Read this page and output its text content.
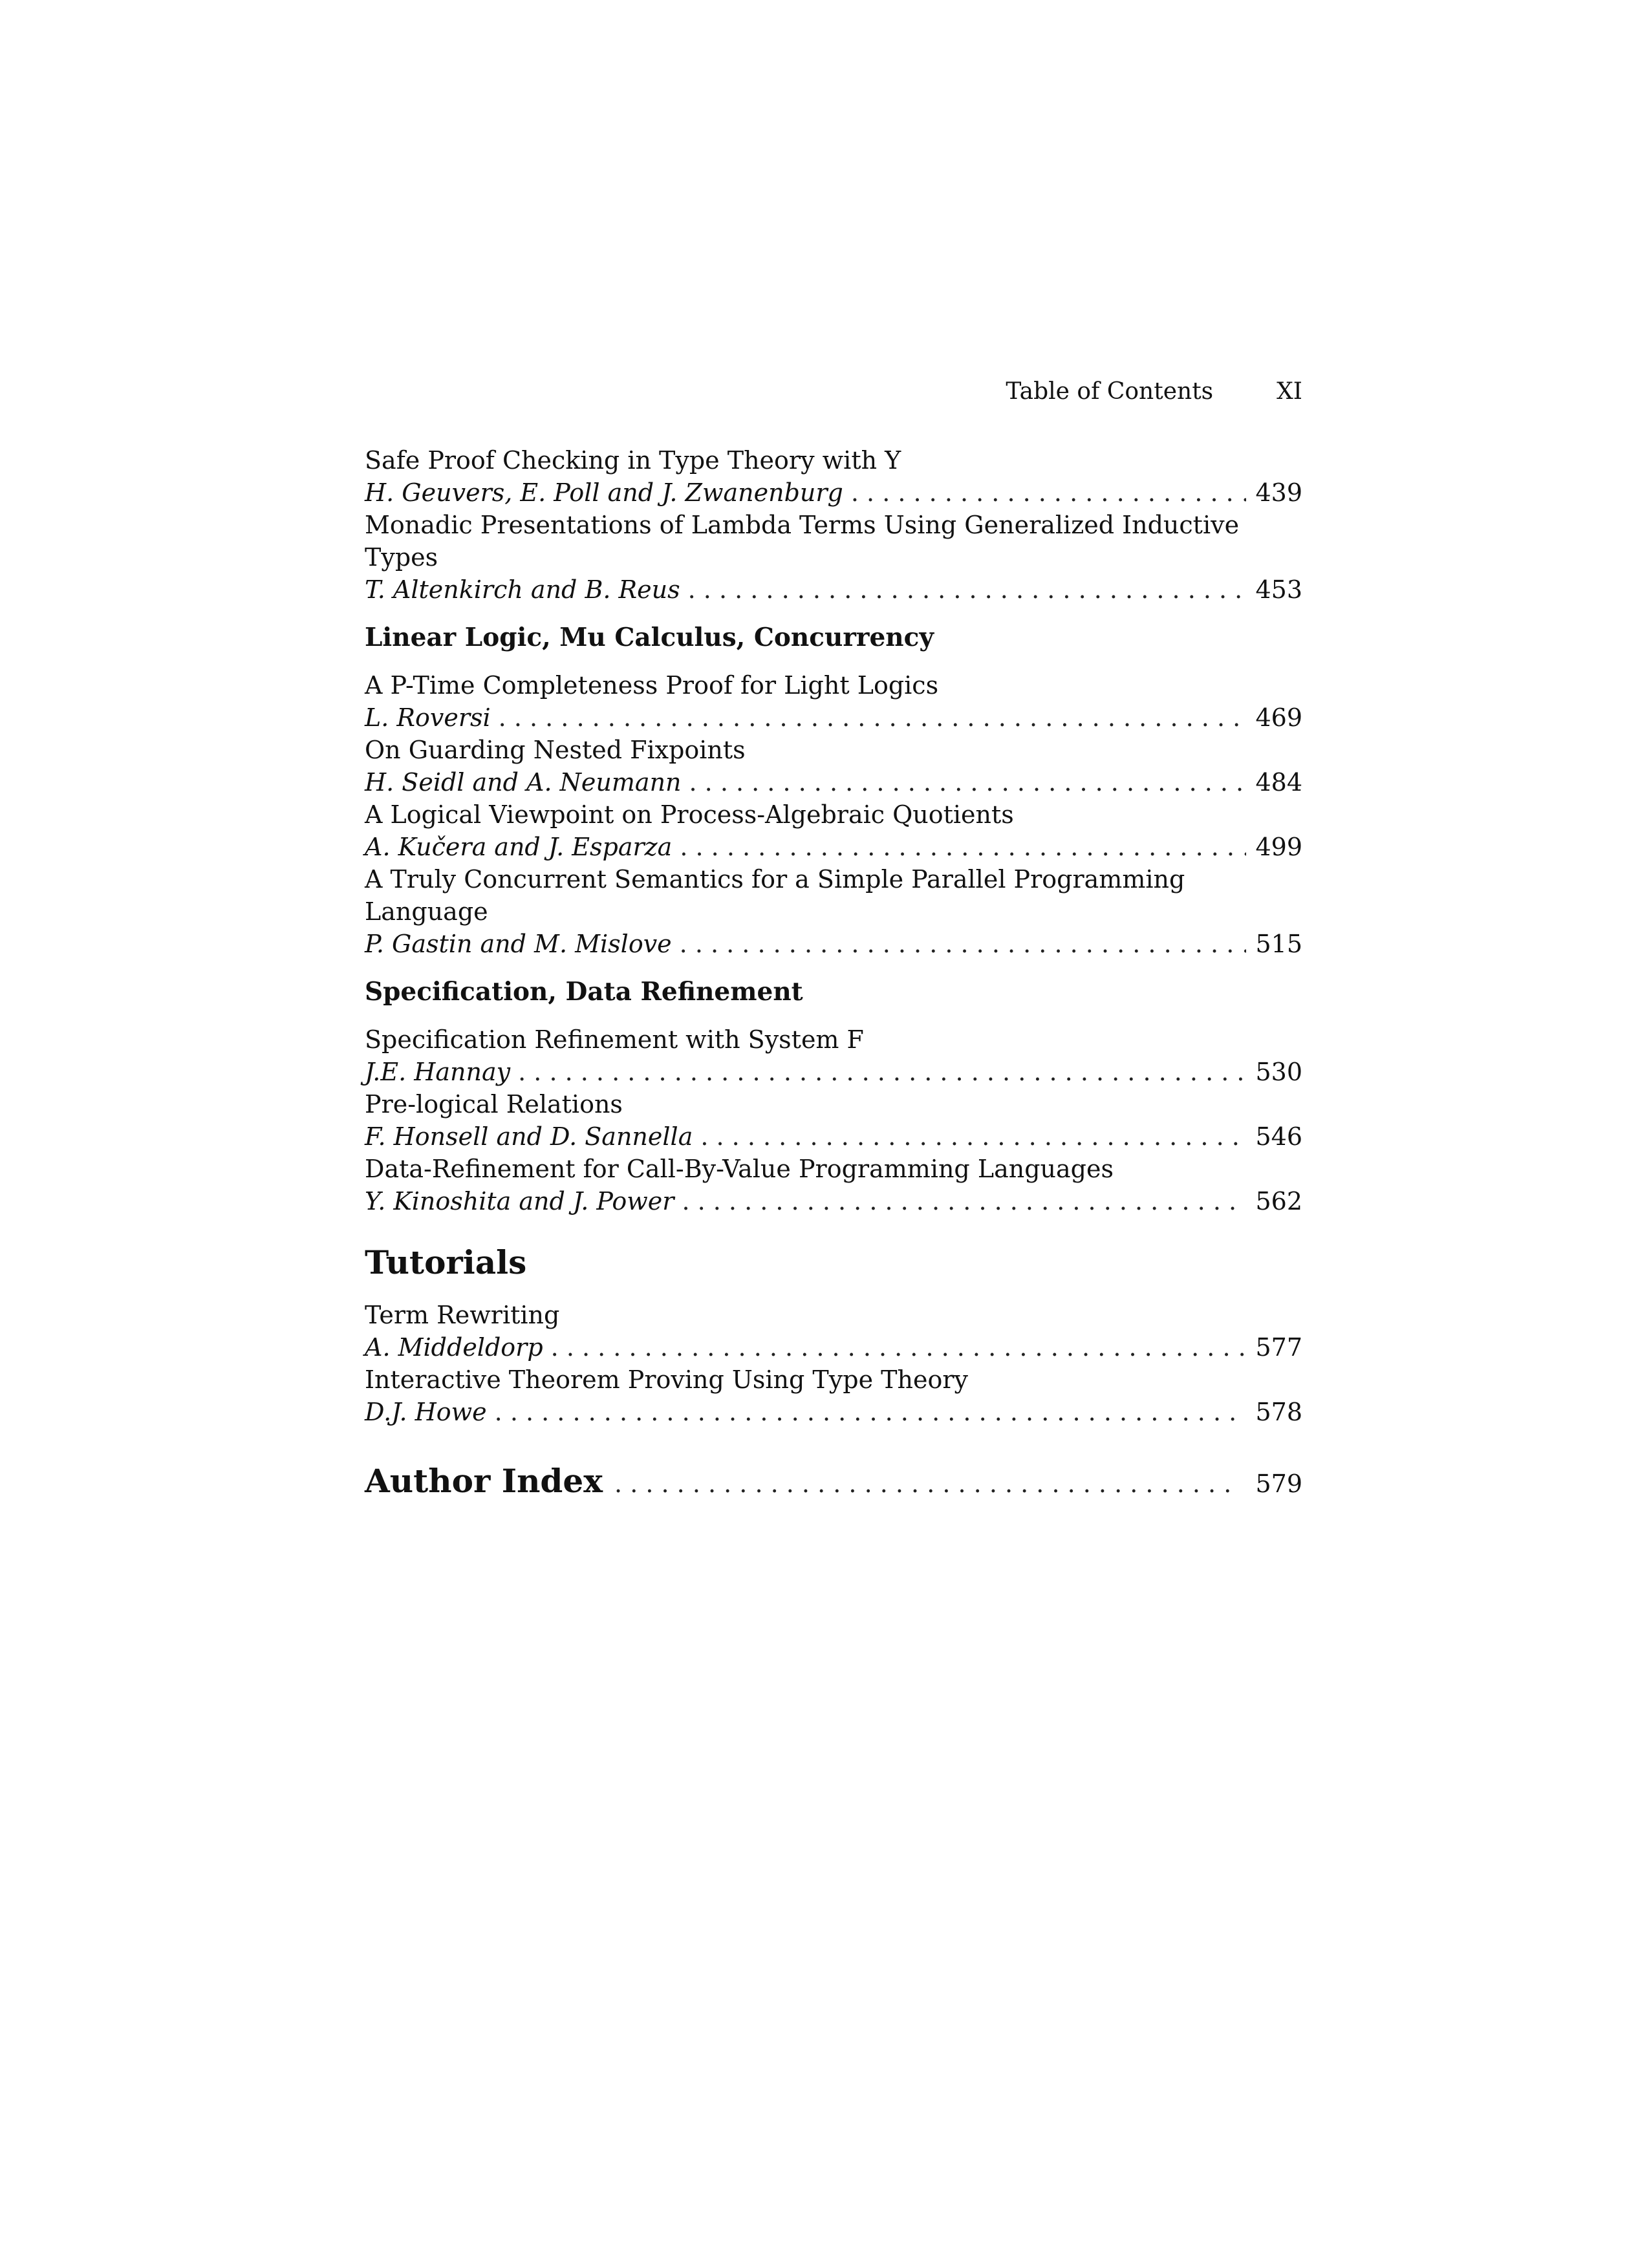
Table of Contents	XI
Safe Proof Checking in Type Theory with Y
H. Geuvers, E. Poll and J. Zwanenburg . . .	439
Monadic Presentations of Lambda Terms Using Generalized Inductive
Types
T. Altenkirch and B. Reus . . .	453
Linear Logic, Mu Calculus, Concurrency
A P-Time Completeness Proof for Light Logics
L. Roversi . . .	469
On Guarding Nested Fixpoints
H. Seidl and A. Neumann . . .	484
A Logical Viewpoint on Process-Algebraic Quotients
A. Kučera and J. Esparza . . .	499
A Truly Concurrent Semantics for a Simple Parallel Programming
Language
P. Gastin and M. Mislove . . .	515
Specification, Data Refinement
Specification Refinement with System F
J.E. Hannay . . .	530
Pre-logical Relations
F. Honsell and D. Sannella . . .	546
Data-Refinement for Call-By-Value Programming Languages
Y. Kinoshita and J. Power . . .	562
Tutorials
Term Rewriting
A. Middeldorp . . .	577
Interactive Theorem Proving Using Type Theory
D.J. Howe . . .	578
Author Index . . .	579
